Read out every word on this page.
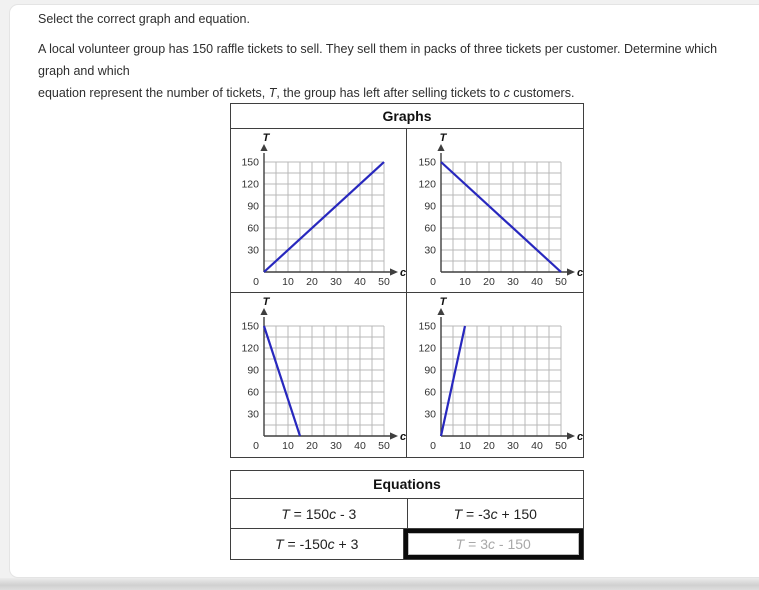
Select the correct graph and equation.
A local volunteer group has 150 raffle tickets to sell. They sell them in packs of three tickets per customer. Determine which graph and which
equation represent the number of tickets, T, the group has left after selling tickets to c customers.
Graphs
T
c
30
60
90
120
150
10 20 30 40 50
0
T
c
30
60
90
120
150
10 20 30 40 50
0
T
c
30
60
90
120
150
10 20 30 40 50
0
T
c
30
60
90
120
150
10 20 30 40 50
0
Equations
T = 150 c - 3	T = -3 c + 150
T = -150 c + 3	T = 3 c - 150
